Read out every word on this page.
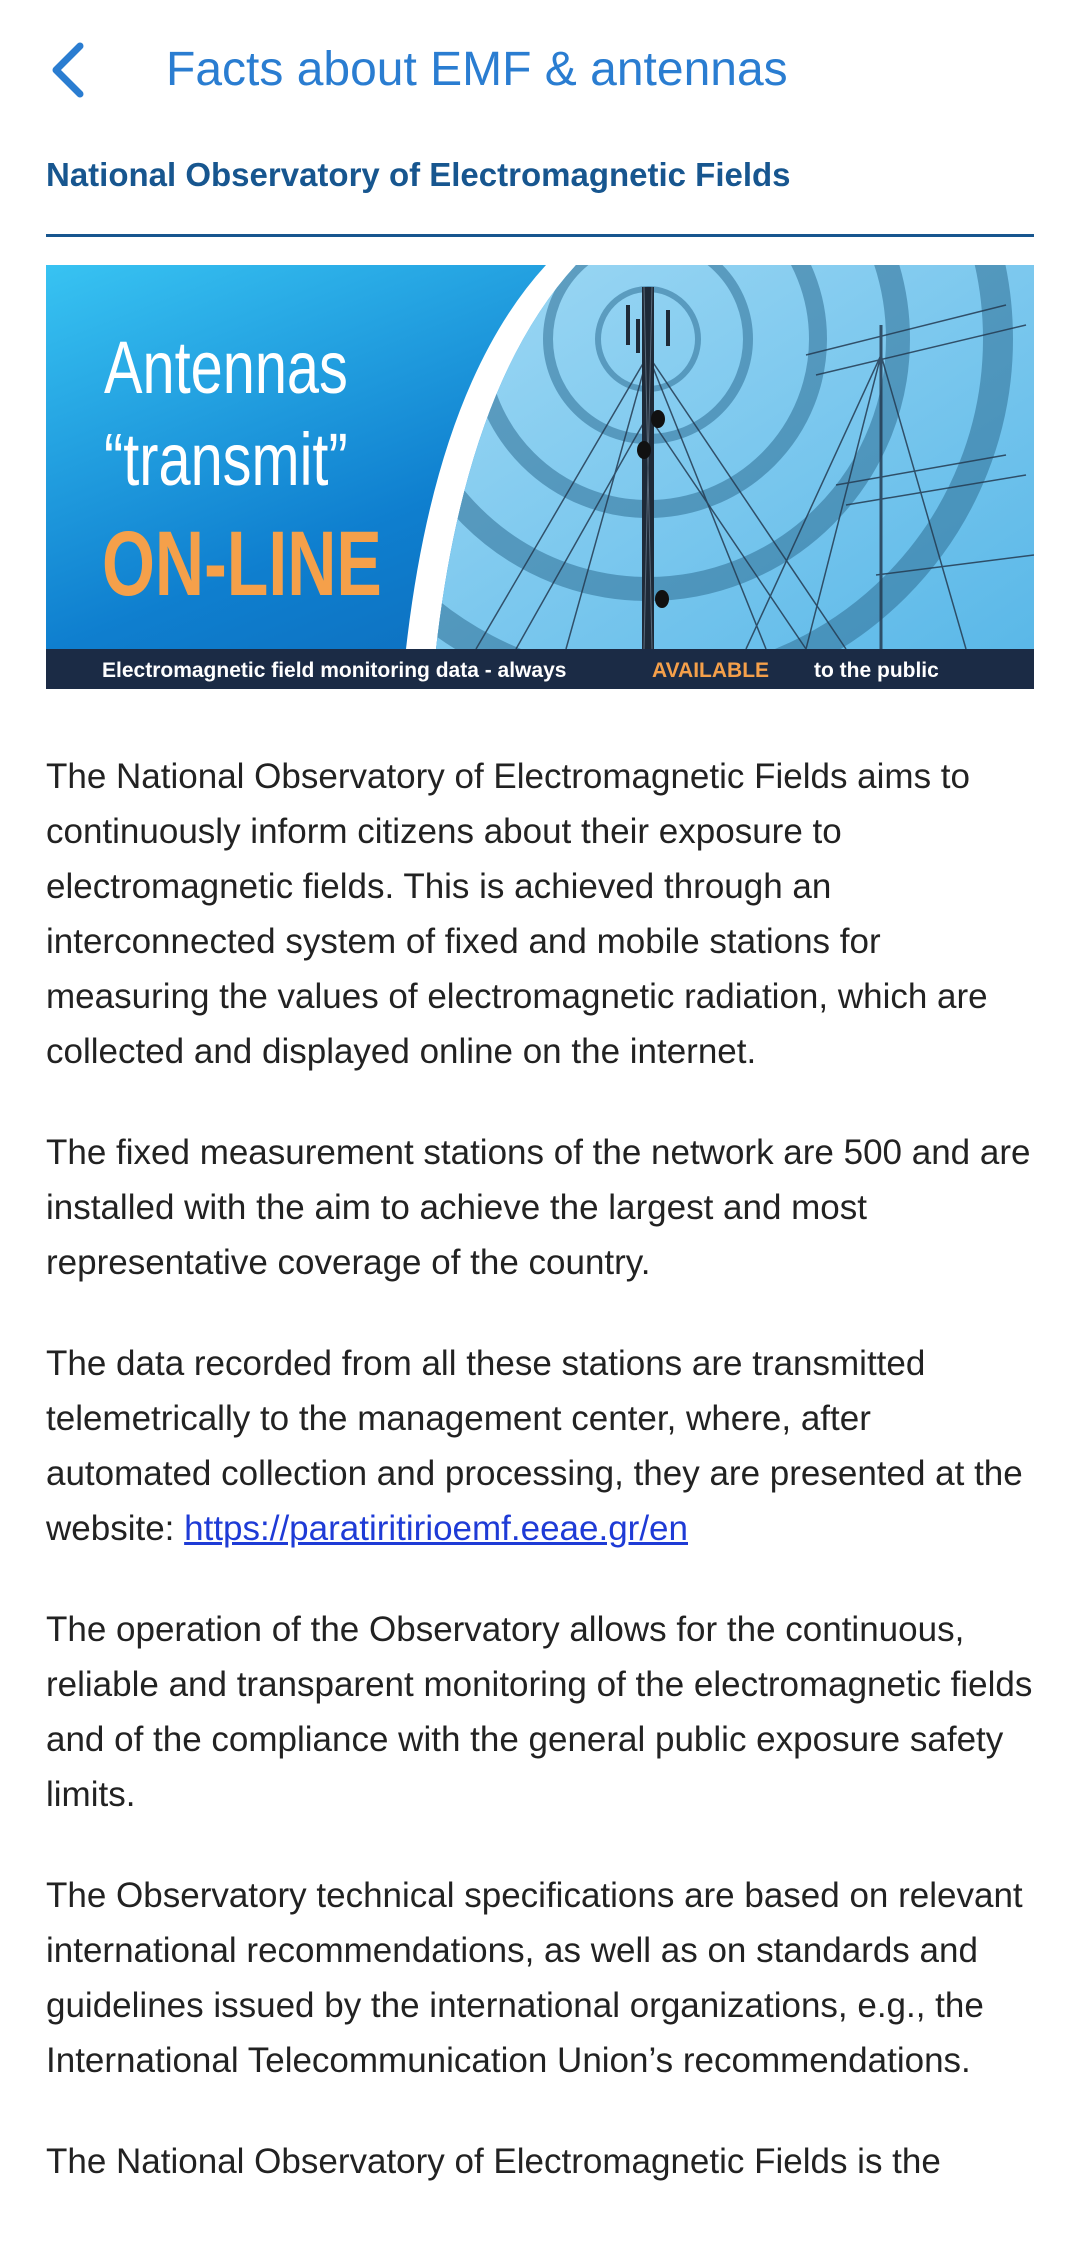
Facts about EMF & antennas
National Observatory of Electromagnetic Fields
Antennas
“transmit”
ON-LINE
Electromagnetic field monitoring data - always	AVAILABLE to the public

The National Observatory of Electromagnetic Fields aims to continuously inform citizens about their exposure to electromagnetic fields. This is achieved through an interconnected system of fixed and mobile stations for measuring the values of electromagnetic radiation, which are collected and displayed online on the internet.

The fixed measurement stations of the network are 500 and are installed with the aim to achieve the largest and most representative coverage of the country.

The data recorded from all these stations are transmitted telemetrically to the management center, where, after automated collection and processing, they are presented at the website: https://paratiritirioemf.eeae.gr/en

The operation of the Observatory allows for the continuous, reliable and transparent monitoring of the electromagnetic fields and of the compliance with the general public exposure safety limits.

The Observatory technical specifications are based on relevant international recommendations, as well as on standards and guidelines issued by the international organizations, e.g., the International Telecommunication Union’s recommendations.

The National Observatory of Electromagnetic Fields is the
